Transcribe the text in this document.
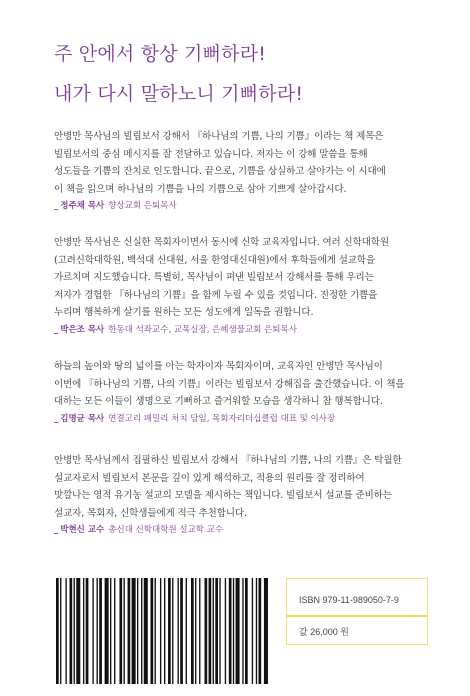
주 안에서 항상 기뻐하라!
내가 다시 말하노니 기뻐하라!
안병만 목사님의 빌립보서 강해서 『하나님의 기쁨, 나의 기쁨』이라는 책 제목은
빌립보서의 중심 메시지를 잘 전달하고 있습니다. 저자는 이 강해 말씀을 통해
성도들을 기쁨의 잔치로 인도합니다. 끝으로, 기쁨을 상실하고 살아가는 이 시대에
이 책을 읽으며 하나님의 기쁨을 나의 기쁨으로 삼아 기쁘게 살아갑시다.
_ 정주채 목사 향상교회 은퇴목사
안병만 목사님은 신실한 목회자이면서 동시에 신학 교육자입니다. 여러 신학대학원
(고려신학대학원, 백석대 신대원, 서울 한영대신대원)에서 후학들에게 설교학을
가르치며 지도했습니다. 특별히, 목사님이 펴낸 빌립보서 강해서를 통해 우리는
저자가 경험한 『하나님의 기쁨』을 함께 누릴 수 있을 것입니다. 진정한 기쁨을
누리며 행복하게 살기를 원하는 모든 성도에게 일독을 권합니다.
_ 박은조 목사 한동대 석좌교수, 교목실장, 은혜샘물교회 은퇴목사
하늘의 높이와 땅의 넓이를 아는 학자이자 목회자이며, 교육자인 안병만 목사님이
이번에 『하나님의 기쁨, 나의 기쁨』이라는 빌립보서 강해집을 출간했습니다. 이 책을
대하는 모든 이들이 생명으로 기뻐하고 즐거워할 모습을 생각하니 참 행복합니다.
_ 김명균 목사 연결고리 패밀리 처치 담임, 목회자리더십클럽 대표 및 이사장
안병만 목사님께서 집필하신 빌립보서 강해서 『하나님의 기쁨, 나의 기쁨』은 탁월한
설교자로서 빌립보서 본문을 깊이 있게 해석하고, 적용의 원리를 잘 정리하여
맛깔나는 영적 유기농 설교의 모델을 제시하는 책입니다. 빌립보서 설교를 준비하는
설교자, 목회자, 신학생들에게 적극 추천합니다.
_ 박현신 교수 총신대 신학대학원 설교학 교수
ISBN 979-11-989050-7-9
값 26,000 원
